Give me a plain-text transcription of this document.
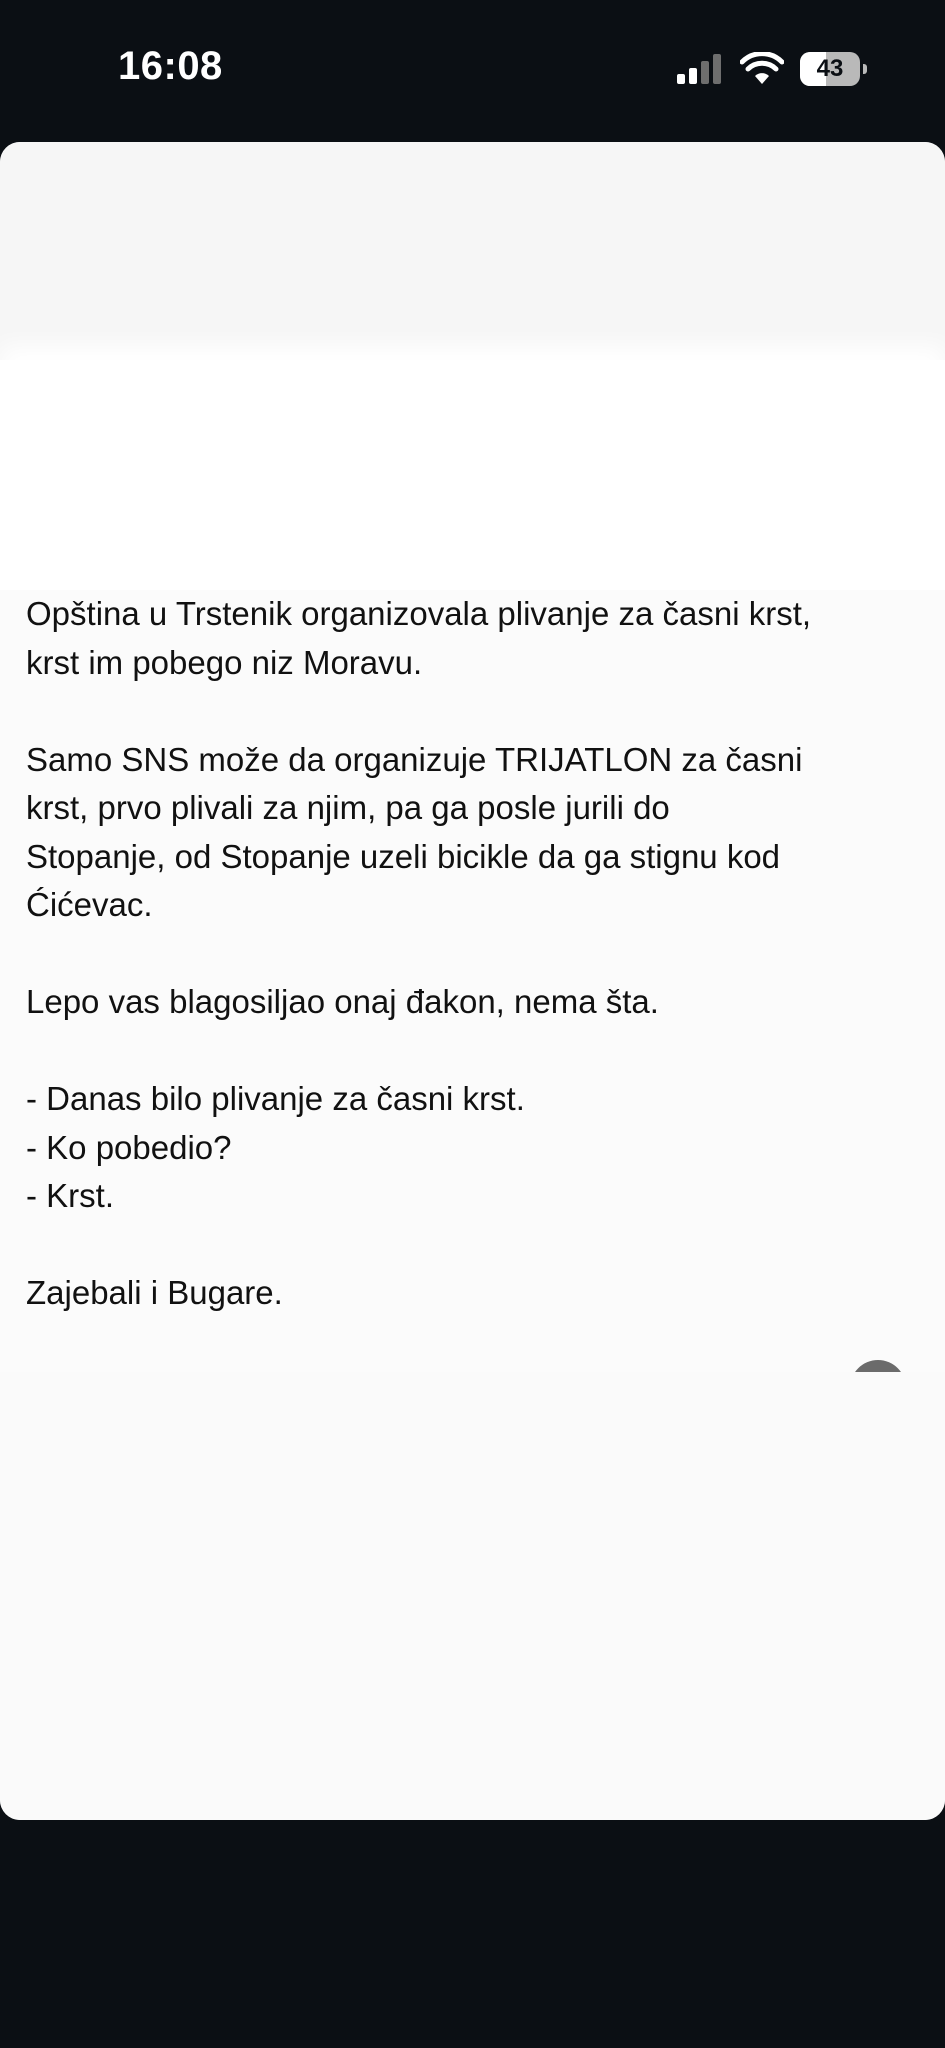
16:08	43

Opština u Trstenik organizovala plivanje za časni krst,
krst im pobego niz Moravu.

Samo SNS može da organizuje TRIJATLON za časni
krst, prvo plivali za njim, pa ga posle jurili do
Stopanje, od Stopanje uzeli bicikle da ga stignu kod
Ćićevac.

Lepo vas blagosiljao onaj đakon, nema šta.

- Danas bilo plivanje za časni krst.
- Ko pobedio?
- Krst.

Zajebali i Bugare.
